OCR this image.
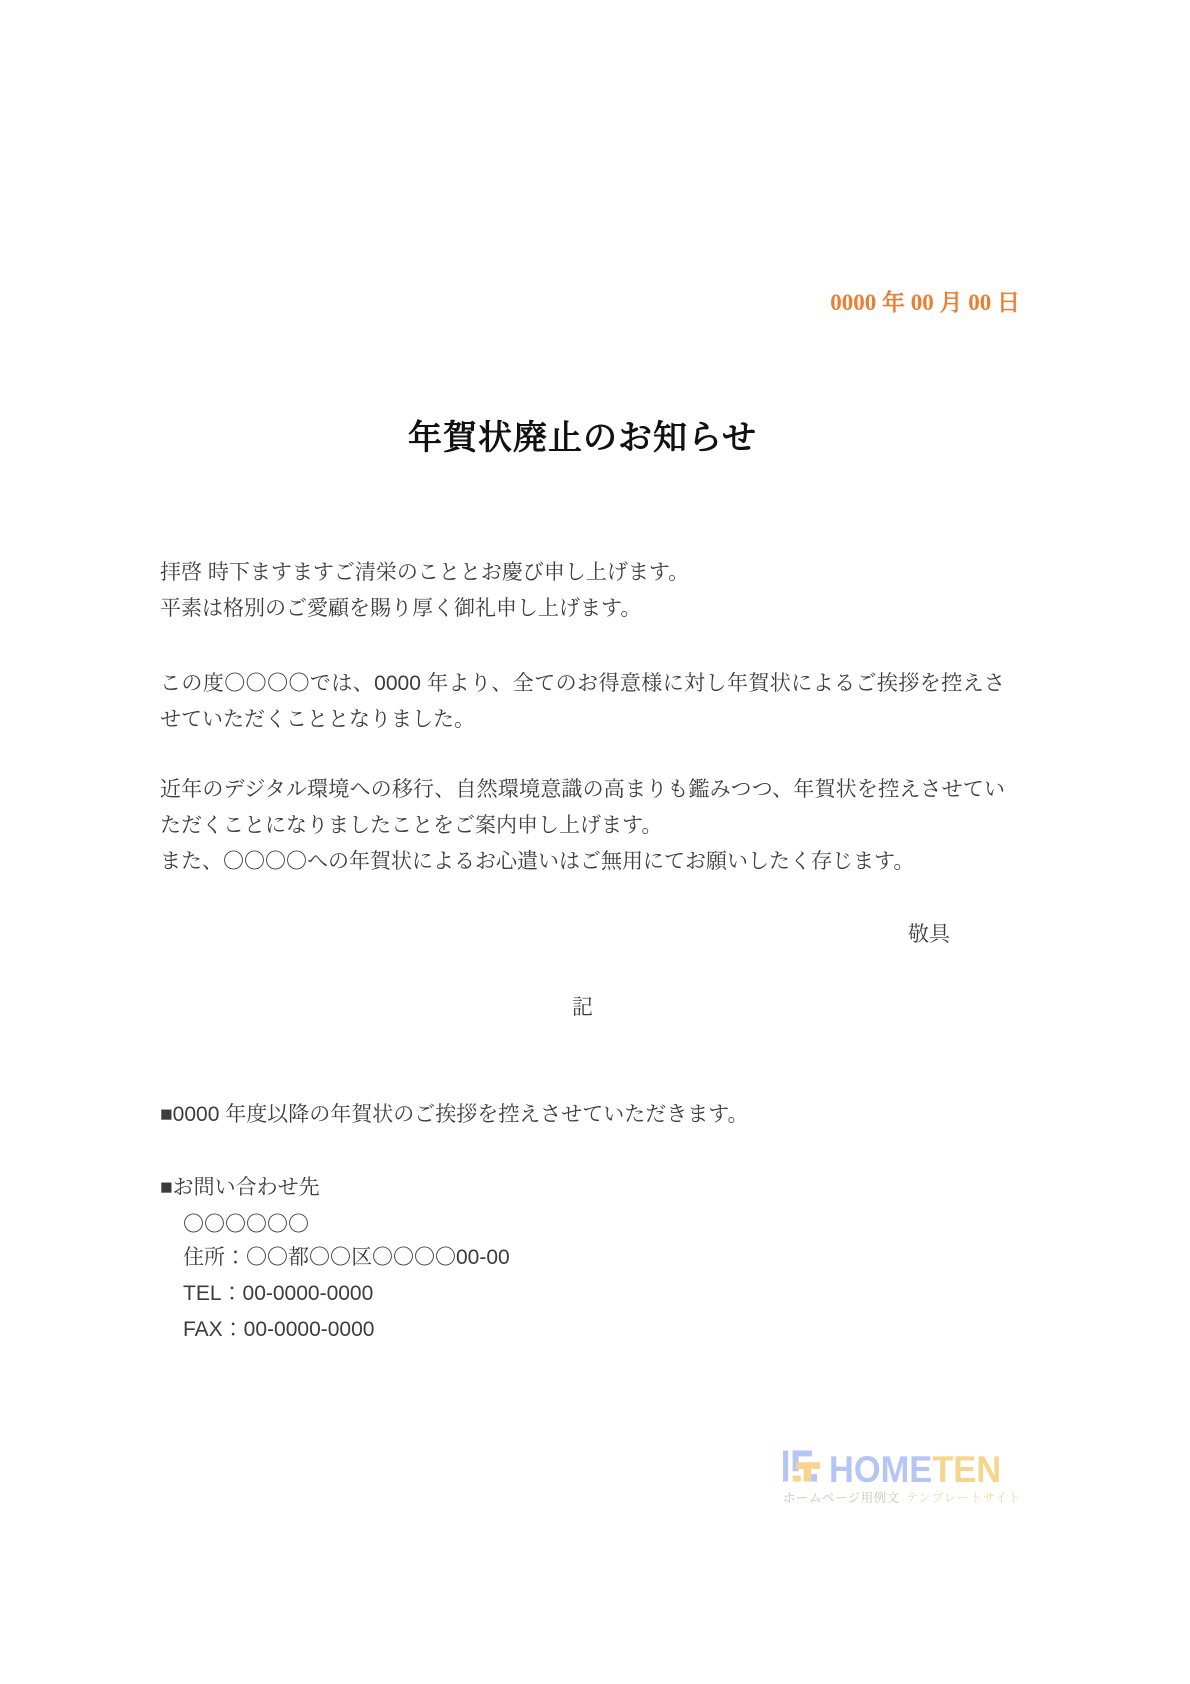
0000 年 00 月 00 日
年賀状廃止のお知らせ
拝啓 時下ますますご清栄のこととお慶び申し上げます。
平素は格別のご愛顧を賜り厚く御礼申し上げます。
この度〇〇〇〇では、0000 年より、全てのお得意様に対し年賀状によるご挨拶を控えさせていただくこととなりました。
近年のデジタル環境への移行、自然環境意識の高まりも鑑みつつ、年賀状を控えさせていただくことになりましたことをご案内申し上げます。
また、〇〇〇〇への年賀状によるお心遣いはご無用にてお願いしたく存じます。
敬具
記
■0000 年度以降の年賀状のご挨拶を控えさせていただきます。
■お問い合わせ先
〇〇〇〇〇〇
住所：〇〇都〇〇区〇〇〇〇00-00
TEL：00-0000-0000
FAX：00-0000-0000
HOMETEN
ホームページ用例文 テンプレートサイト
